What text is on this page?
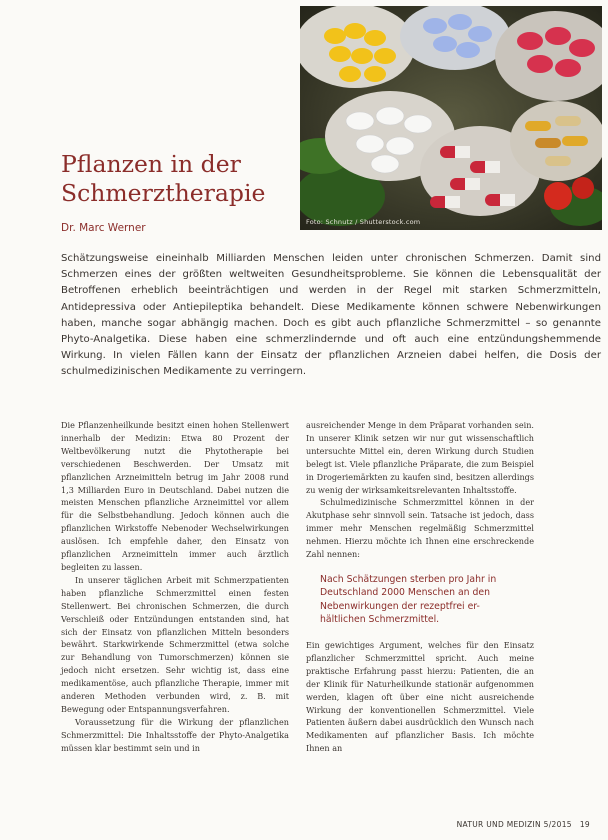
Foto: Schnutz / Shutterstock.com
Pflanzen in der Schmerztherapie
Dr. Marc Werner

Schätzungsweise eineinhalb Milliarden Menschen leiden unter chronischen Schmerzen. Damit sind Schmerzen eines der größten weltweiten Gesundheitsprobleme. Sie können die Lebensqualität der Betroffenen erheblich beeinträchtigen und werden in der Regel mit starken Schmerzmitteln, Antidepressiva oder Antiepileptika behandelt. Diese Medikamente können schwere Nebenwirkungen haben, manche sogar abhängig machen. Doch es gibt auch pflanzliche Schmerzmittel – so genannte Phyto-Analgetika. Diese haben eine schmerzlindernde und oft auch eine entzündungshemmende Wirkung. In vielen Fällen kann der Einsatz der pflanzlichen Arzneien dabei helfen, die Dosis der schulmedizinischen Medikamente zu verringern.

Die Pflanzenheilkunde besitzt einen hohen Stellenwert innerhalb der Medizin: Etwa 80 Prozent der Weltbevölkerung nutzt die Phytotherapie bei verschiedenen Beschwerden. Der Umsatz mit pflanzlichen Arzneimitteln betrug im Jahr 2008 rund 1,3 Milliarden Euro in Deutschland. Dabei nutzen die meisten Menschen pflanzliche Arzneimittel vor allem für die Selbstbehandlung. Jedoch können auch die pflanzlichen Wirkstoffe Nebenoder Wechselwirkungen auslösen. Ich empfehle daher, den Einsatz von pflanzlichen Arzneimitteln immer auch ärztlich begleiten zu lassen.

In unserer täglichen Arbeit mit Schmerzpatienten haben pflanzliche Schmerzmittel einen festen Stellenwert. Bei chronischen Schmerzen, die durch Verschleiß oder Entzündungen entstanden sind, hat sich der Einsatz von pflanzlichen Mitteln besonders bewährt. Starkwirkende Schmerzmittel (etwa solche zur Behandlung von Tumorschmerzen) können sie jedoch nicht ersetzen. Sehr wichtig ist, dass eine medikamentöse, auch pflanzliche Therapie, immer mit anderen Methoden verbunden wird, z. B. mit Bewegung oder Entspannungsverfahren.

Voraussetzung für die Wirkung der pflanzlichen Schmerzmittel: Die Inhaltsstoffe der Phyto-Analgetika müssen klar bestimmt sein und in

ausreichender Menge in dem Präparat vorhanden sein. In unserer Klinik setzen wir nur gut wissenschaftlich untersuchte Mittel ein, deren Wirkung durch Studien belegt ist. Viele pflanzliche Präparate, die zum Beispiel in Drogeriemärkten zu kaufen sind, besitzen allerdings zu wenig der wirksamkeitsrelevanten Inhaltsstoffe.

Schulmedizinische Schmerzmittel können in der Akutphase sehr sinnvoll sein. Tatsache ist jedoch, dass immer mehr Menschen regelmäßig Schmerzmittel nehmen. Hierzu möchte ich Ihnen eine erschreckende Zahl nennen:

Nach Schätzungen sterben pro Jahr in
Deutschland 2000 Menschen an den
Nebenwirkungen der rezeptfrei er-
hältlichen Schmerzmittel.

Ein gewichtiges Argument, welches für den Einsatz pflanzlicher Schmerzmittel spricht. Auch meine praktische Erfahrung passt hierzu: Patienten, die an der Klinik für Naturheilkunde stationär aufgenommen werden, klagen oft über eine nicht ausreichende Wirkung der konventionellen Schmerzmittel. Viele Patienten äußern dabei ausdrücklich den Wunsch nach Medikamenten auf pflanzlicher Basis. Ich möchte Ihnen an

NATUR UND MEDIZIN 5/2015 19
